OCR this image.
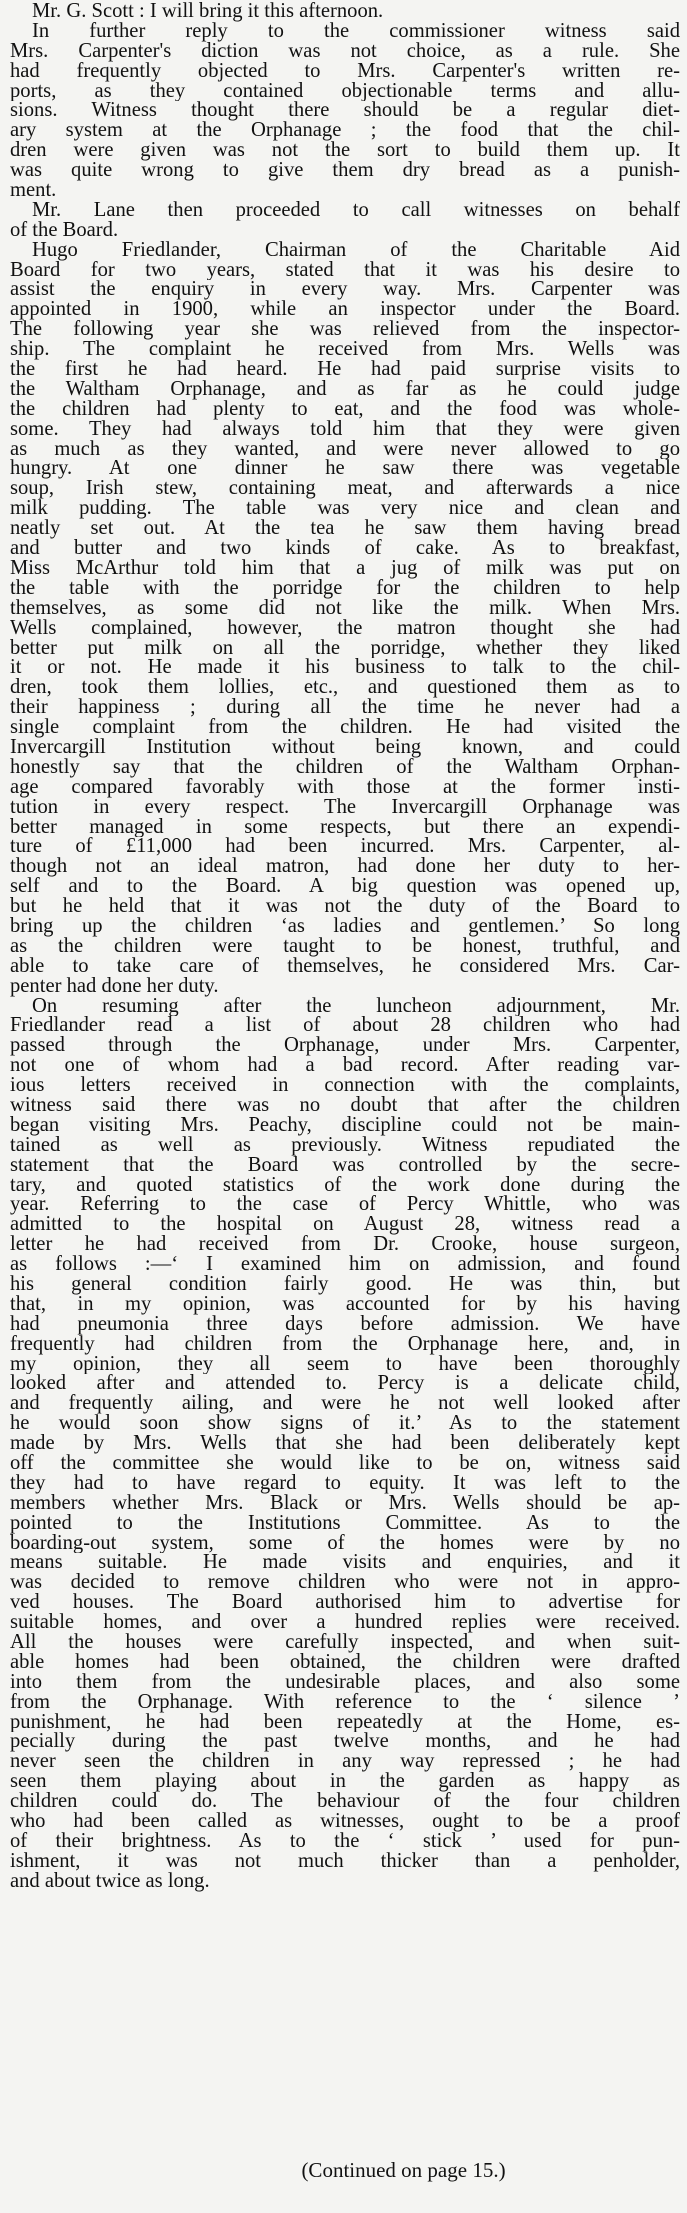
Mr. G. Scott : I will bring it this afternoon.
In further reply to the commissioner witness said
Mrs. Carpenter's diction was not choice, as a rule. She
had frequently objected to Mrs. Carpenter's written re-
ports, as they contained objectionable terms and allu-
sions. Witness thought there should be a regular diet-
ary system at the Orphanage ; the food that the chil-
dren were given was not the sort to build them up. It
was quite wrong to give them dry bread as a punish-
ment.
Mr. Lane then proceeded to call witnesses on behalf
of the Board.
Hugo Friedlander, Chairman of the Charitable Aid
Board for two years, stated that it was his desire to
assist the enquiry in every way. Mrs. Carpenter was
appointed in 1900, while an inspector under the Board.
The following year she was relieved from the inspector-
ship. The complaint he received from Mrs. Wells was
the first he had heard. He had paid surprise visits to
the Waltham Orphanage, and as far as he could judge
the children had plenty to eat, and the food was whole-
some. They had always told him that they were given
as much as they wanted, and were never allowed to go
hungry. At one dinner he saw there was vegetable
soup, Irish stew, containing meat, and afterwards a nice
milk pudding. The table was very nice and clean and
neatly set out. At the tea he saw them having bread
and butter and two kinds of cake. As to breakfast,
Miss McArthur told him that a jug of milk was put on
the table with the porridge for the children to help
themselves, as some did not like the milk. When Mrs.
Wells complained, however, the matron thought she had
better put milk on all the porridge, whether they liked
it or not. He made it his business to talk to the chil-
dren, took them lollies, etc., and questioned them as to
their happiness ; during all the time he never had a
single complaint from the children. He had visited the
Invercargill Institution without being known, and could
honestly say that the children of the Waltham Orphan-
age compared favorably with those at the former insti-
tution in every respect. The Invercargill Orphanage was
better managed in some respects, but there an expendi-
ture of £11,000 had been incurred. Mrs. Carpenter, al-
though not an ideal matron, had done her duty to her-
self and to the Board. A big question was opened up,
but he held that it was not the duty of the Board to
bring up the children ‘as ladies and gentlemen.’ So long
as the children were taught to be honest, truthful, and
able to take care of themselves, he considered Mrs. Car-
penter had done her duty.
On resuming after the luncheon adjournment, Mr.
Friedlander read a list of about 28 children who had
passed through the Orphanage, under Mrs. Carpenter,
not one of whom had a bad record. After reading var-
ious letters received in connection with the complaints,
witness said there was no doubt that after the children
began visiting Mrs. Peachy, discipline could not be main-
tained as well as previously. Witness repudiated the
statement that the Board was controlled by the secre-
tary, and quoted statistics of the work done during the
year. Referring to the case of Percy Whittle, who was
admitted to the hospital on August 28, witness read a
letter he had received from Dr. Crooke, house surgeon,
as follows :—‘ I examined him on admission, and found
his general condition fairly good. He was thin, but
that, in my opinion, was accounted for by his having
had pneumonia three days before admission. We have
frequently had children from the Orphanage here, and, in
my opinion, they all seem to have been thoroughly
looked after and attended to. Percy is a delicate child,
and frequently ailing, and were he not well looked after
he would soon show signs of it.’ As to the statement
made by Mrs. Wells that she had been deliberately kept
off the committee she would like to be on, witness said
they had to have regard to equity. It was left to the
members whether Mrs. Black or Mrs. Wells should be ap-
pointed to the Institutions Committee. As to the
boarding-out system, some of the homes were by no
means suitable. He made visits and enquiries, and it
was decided to remove children who were not in appro-
ved houses. The Board authorised him to advertise for
suitable homes, and over a hundred replies were received.
All the houses were carefully inspected, and when suit-
able homes had been obtained, the children were drafted
into them from the undesirable places, and also some
from the Orphanage. With reference to the ‘ silence ’
punishment, he had been repeatedly at the Home, es-
pecially during the past twelve months, and he had
never seen the children in any way repressed ; he had
seen them playing about in the garden as happy as
children could do. The behaviour of the four children
who had been called as witnesses, ought to be a proof
of their brightness. As to the ‘ stick ’ used for pun-
ishment, it was not much thicker than a penholder,
and about twice as long.
(Continued on page 15.)
